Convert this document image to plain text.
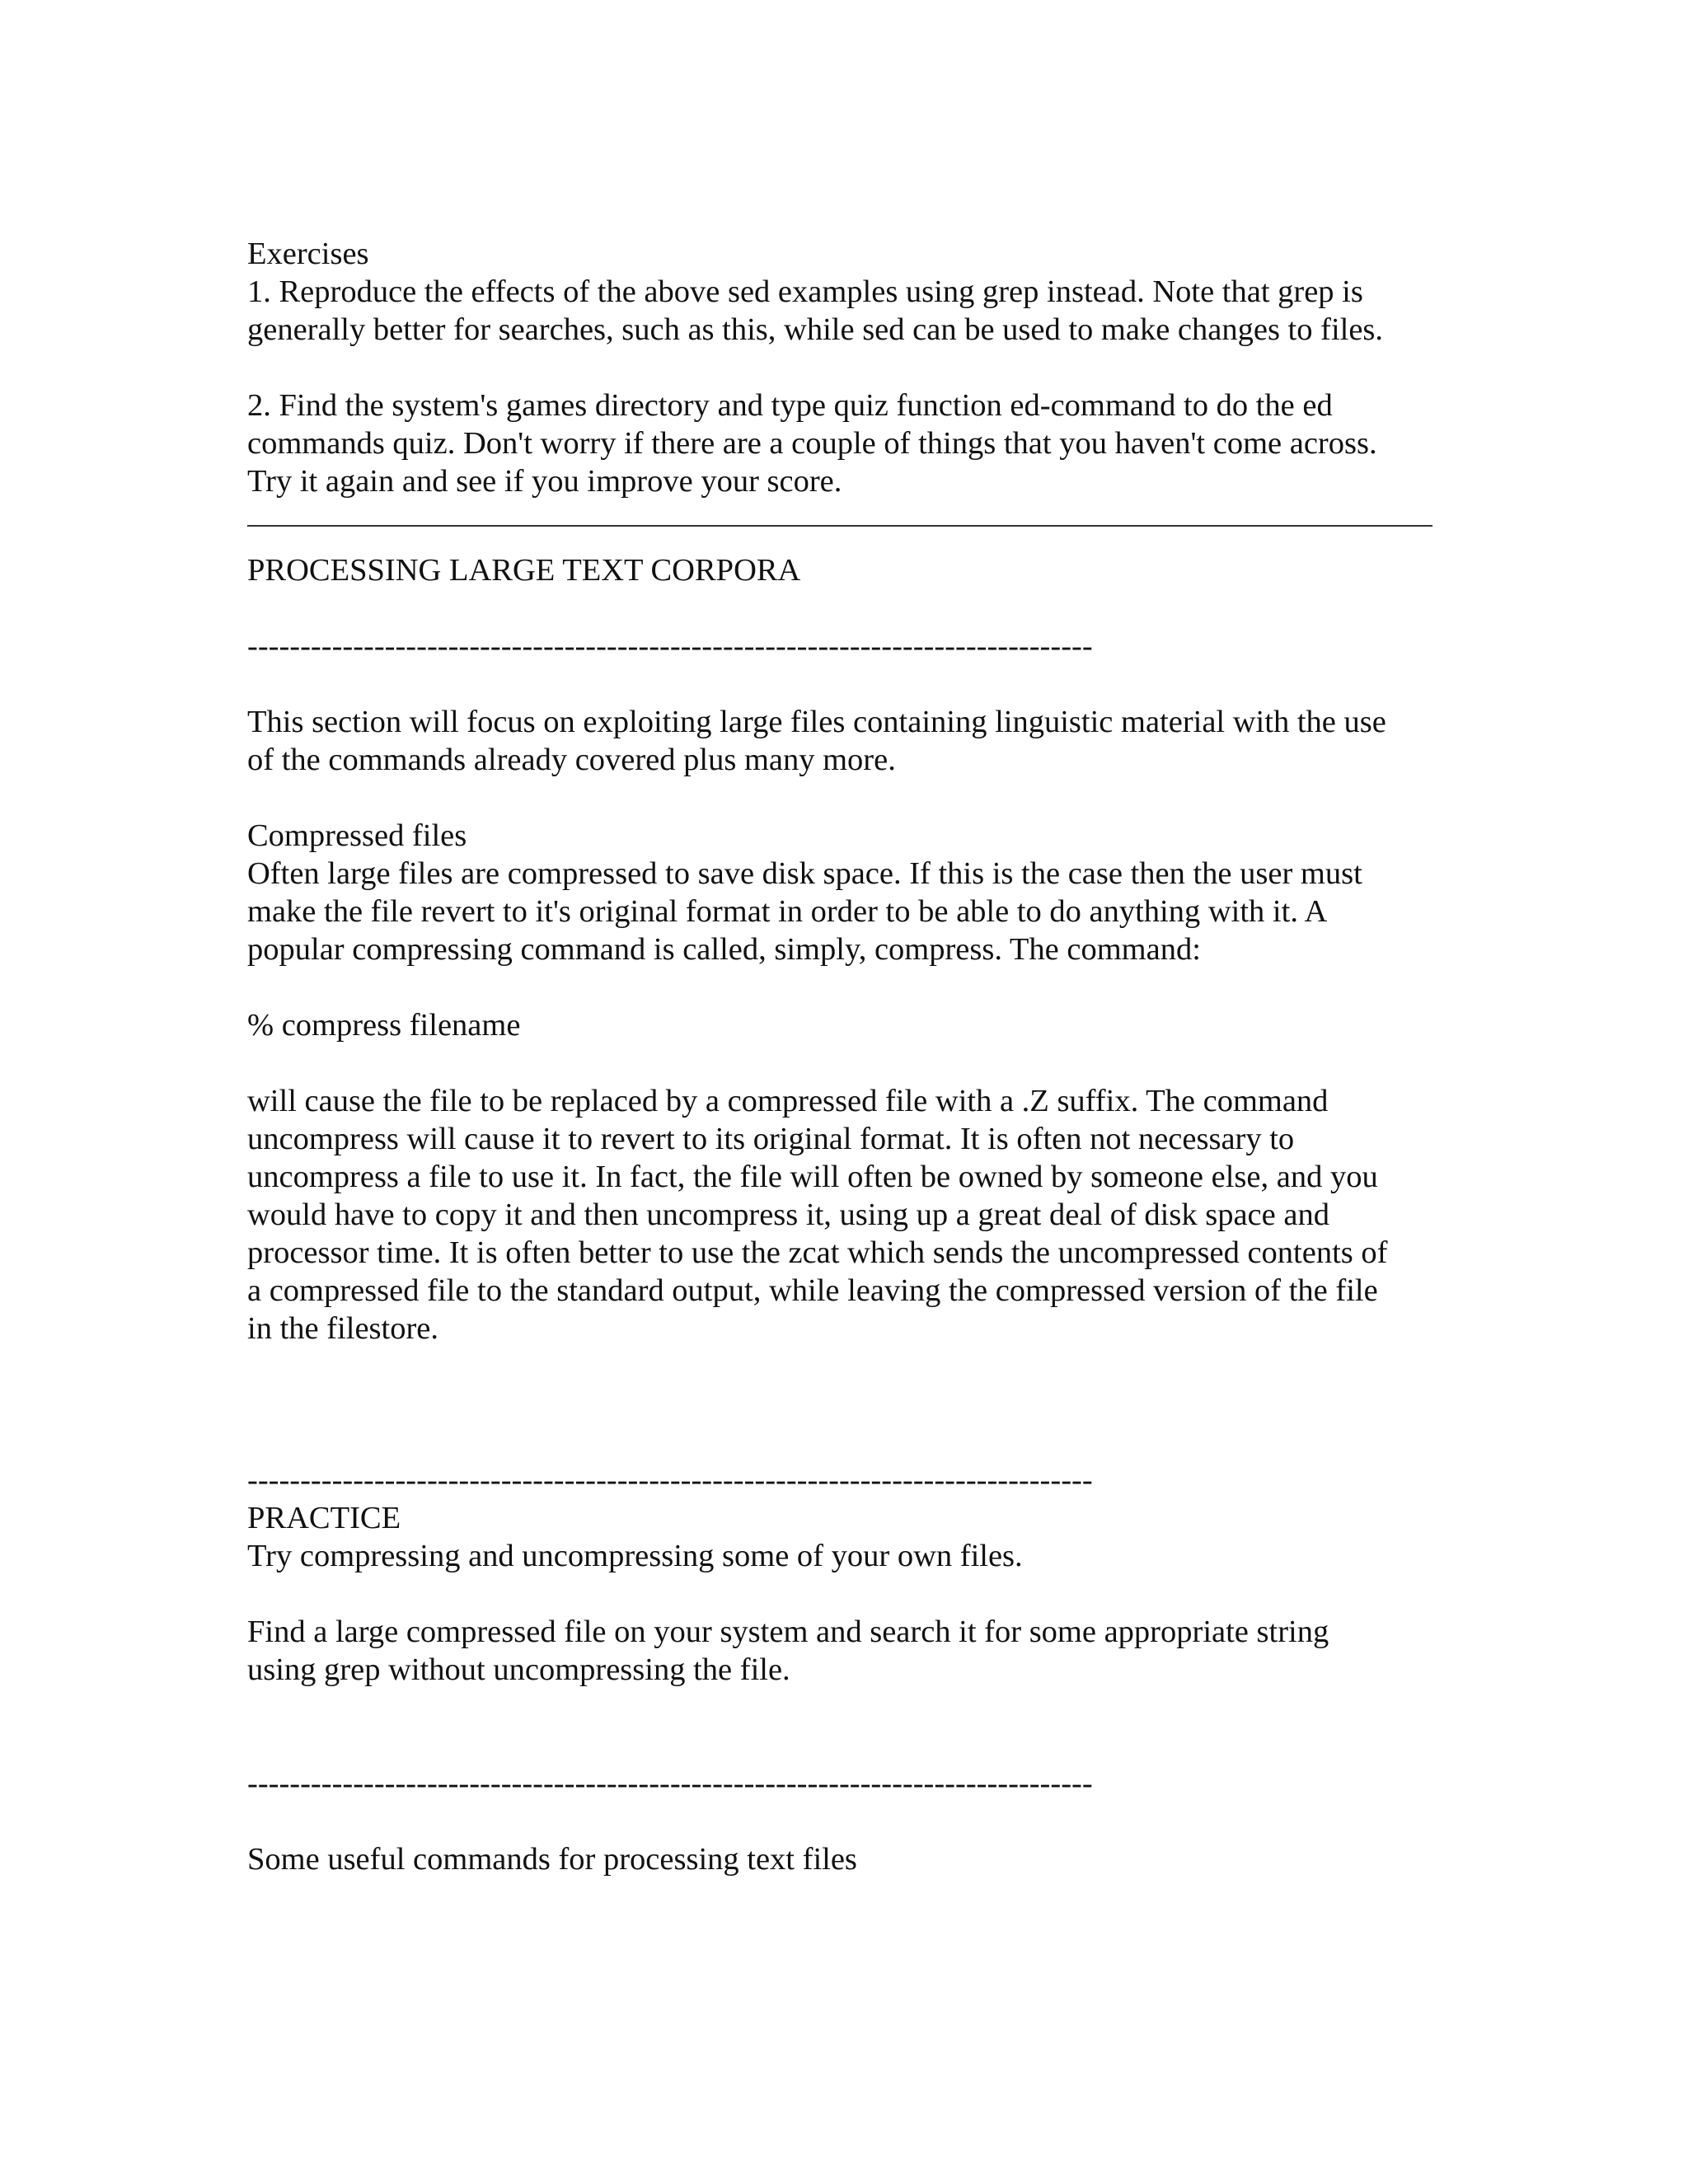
Exercises
1. Reproduce the effects of the above sed examples using grep instead. Note that grep is
generally better for searches, such as this, while sed can be used to make changes to files.
2. Find the system's games directory and type quiz function ed-command to do the ed
commands quiz. Don't worry if there are a couple of things that you haven't come across.
Try it again and see if you improve your score.
PROCESSING LARGE TEXT CORPORA
--------------------------------------------------------------------------------
This section will focus on exploiting large files containing linguistic material with the use
of the commands already covered plus many more.
Compressed files
Often large files are compressed to save disk space. If this is the case then the user must
make the file revert to it's original format in order to be able to do anything with it. A
popular compressing command is called, simply, compress. The command:
% compress filename
will cause the file to be replaced by a compressed file with a .Z suffix. The command
uncompress will cause it to revert to its original format. It is often not necessary to
uncompress a file to use it. In fact, the file will often be owned by someone else, and you
would have to copy it and then uncompress it, using up a great deal of disk space and
processor time. It is often better to use the zcat which sends the uncompressed contents of
a compressed file to the standard output, while leaving the compressed version of the file
in the filestore.
--------------------------------------------------------------------------------
PRACTICE
Try compressing and uncompressing some of your own files.
Find a large compressed file on your system and search it for some appropriate string
using grep without uncompressing the file.
--------------------------------------------------------------------------------
Some useful commands for processing text files
